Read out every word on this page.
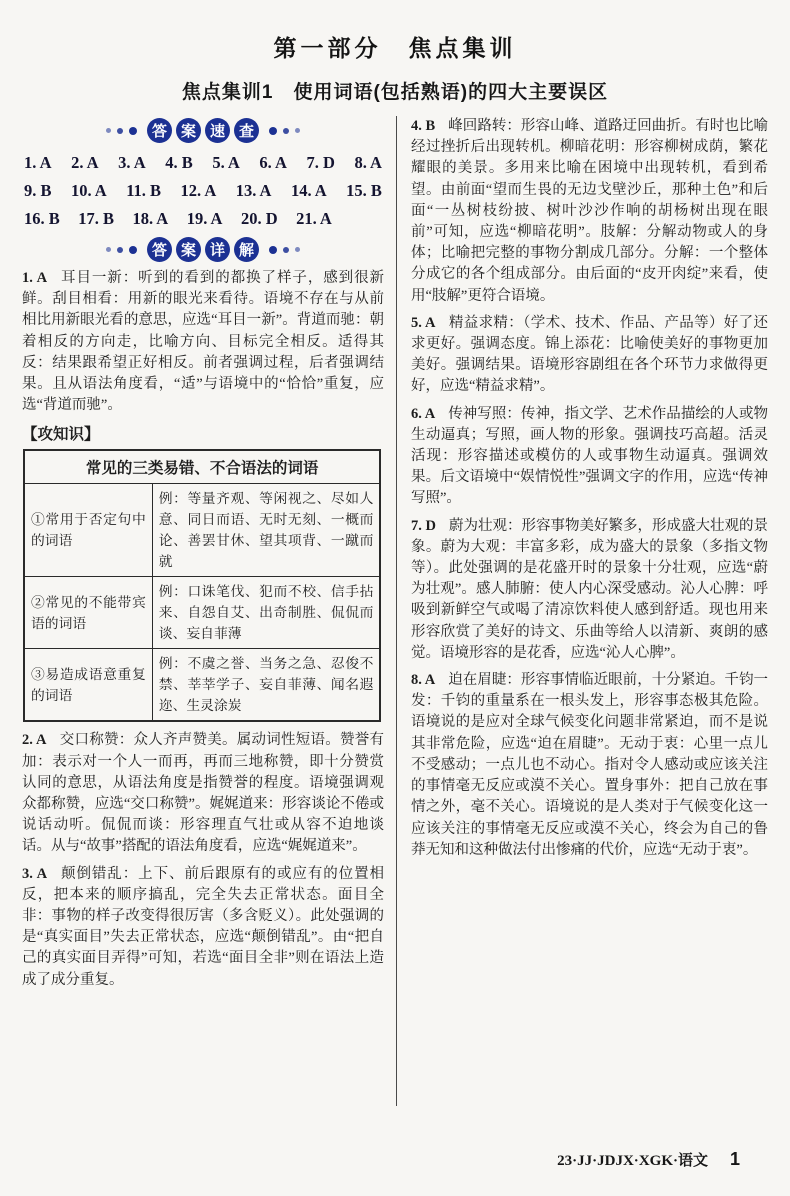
第一部分　焦点集训
焦点集训1　使用词语(包括熟语)的四大主要误区
答 案 速 查
1. A 2. A 3. A 4. B 5. A 6. A 7. D 8. A
9. B 10. A 11. B 12. A 13. A 14. A 15. B
16. B 17. B 18. A 19. A 20. D 21. A
答 案 详 解

1. A 耳目一新：听到的看到的都换了样子，感到很新鲜。刮目相看：用新的眼光来看待。语境不存在与从前相比用新眼光看的意思，应选“耳目一新”。背道而驰：朝着相反的方向走，比喻方向、目标完全相反。适得其反：结果跟希望正好相反。前者强调过程，后者强调结果。且从语法角度看，“适”与语境中的“恰恰”重复，应选“背道而驰”。

【攻知识】
常见的三类易错、不合语法的词语	
①常用于否定句中的词语	例：等量齐观、等闲视之、尽如人意、同日而语、无时无刻、一概而论、善罢甘休、望其项背、一蹴而就
②常见的不能带宾语的词语	例：口诛笔伐、犯而不校、信手拈来、自怨自艾、出奇制胜、侃侃而谈、妄自菲薄
③易造成语意重复的词语	例：不虞之誉、当务之急、忍俊不禁、莘莘学子、妄自菲薄、闻名遐迩、生灵涂炭

2. A 交口称赞：众人齐声赞美。属动词性短语。赞誉有加：表示对一个人一而再，再而三地称赞，即十分赞赏认同的意思，从语法角度是指赞誉的程度。语境强调观众都称赞，应选“交口称赞”。娓娓道来：形容谈论不倦或说话动听。侃侃而谈：形容理直气壮或从容不迫地谈话。从与“故事”搭配的语法角度看，应选“娓娓道来”。

3. A 颠倒错乱：上下、前后跟原有的或应有的位置相反，把本来的顺序搞乱，完全失去正常状态。面目全非：事物的样子改变得很厉害（多含贬义）。此处强调的是“真实面目”失去正常状态，应选“颠倒错乱”。由“把自己的真实面目弄得”可知，若选“面目全非”则在语法上造成了成分重复。

4. B 峰回路转：形容山峰、道路迂回曲折。有时也比喻经过挫折后出现转机。柳暗花明：形容柳树成荫，繁花耀眼的美景。多用来比喻在困境中出现转机，看到希望。由前面“望而生畏的无边戈壁沙丘，那种土色”和后面“一丛树枝纷披、树叶沙沙作响的胡杨树出现在眼前”可知，应选“柳暗花明”。肢解：分解动物或人的身体；比喻把完整的事物分割成几部分。分解：一个整体分成它的各个组成部分。由后面的“皮开肉绽”来看，使用“肢解”更符合语境。

5. A 精益求精：（学术、技术、作品、产品等）好了还求更好。强调态度。锦上添花：比喻使美好的事物更加美好。强调结果。语境形容剧组在各个环节力求做得更好，应选“精益求精”。

6. A 传神写照：传神，指文学、艺术作品描绘的人或物生动逼真；写照，画人物的形象。强调技巧高超。活灵活现：形容描述或模仿的人或事物生动逼真。强调效果。后文语境中“娱情悦性”强调文字的作用，应选“传神写照”。

7. D 蔚为壮观：形容事物美好繁多，形成盛大壮观的景象。蔚为大观：丰富多彩，成为盛大的景象（多指文物等）。此处强调的是花盛开时的景象十分壮观，应选“蔚为壮观”。感人肺腑：使人内心深受感动。沁人心脾：呼吸到新鲜空气或喝了清凉饮料使人感到舒适。现也用来形容欣赏了美好的诗文、乐曲等给人以清新、爽朗的感觉。语境形容的是花香，应选“沁人心脾”。

8. A 迫在眉睫：形容事情临近眼前，十分紧迫。千钧一发：千钧的重量系在一根头发上，形容事态极其危险。语境说的是应对全球气候变化问题非常紧迫，而不是说其非常危险，应选“迫在眉睫”。无动于衷：心里一点儿不受感动；一点儿也不动心。指对令人感动或应该关注的事情毫无反应或漠不关心。置身事外：把自己放在事情之外，毫不关心。语境说的是人类对于气候变化这一应该关注的事情毫无反应或漠不关心，终会为自己的鲁莽无知和这种做法付出惨痛的代价，应选“无动于衷”。

23·JJ·JDJX·XGK·语文 1
